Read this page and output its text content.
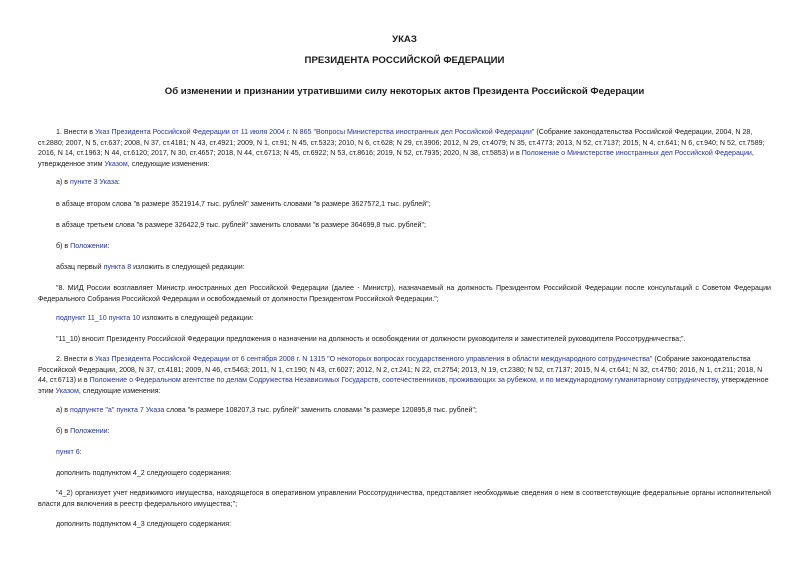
УКАЗ

ПРЕЗИДЕНТА РОССИЙСКОЙ ФЕДЕРАЦИИ

Об изменении и признании утратившими силу некоторых актов Президента Российской Федерации

1. Внести в Указ Президента Российской Федерации от 11 июля 2004 г. N 865 "Вопросы Министерства иностранных дел Российской Федерации" (Собрание законодательства Российской Федерации, 2004, N 28, ст.2880; 2007, N 5, ст.637; 2008, N 37, ст.4181; N 43, ст.4921; 2009, N 1, ст.91; N 45, ст.5323; 2010, N 6, ст.628; N 29, ст.3906; 2012, N 29, ст.4079; N 35, ст.4773; 2013, N 52, ст.7137; 2015, N 4, ст.641; N 6, ст.940; N 52, ст.7589; 2016, N 14, ст.1963; N 44, ст.6120; 2017, N 30, ст.4657; 2018, N 44, ст.6713; N 45, ст.6922; N 53, ст.8616; 2019, N 52, ст.7935; 2020, N 38, ст.5853) и в Положение о Министерстве иностранных дел Российской Федерации, утвержденное этим Указом, следующие изменения:

а) в пункте 3 Указа:

в абзаце втором слова "в размере 3521914,7 тыс. рублей" заменить словами "в размере 3627572,1 тыс. рублей";

в абзаце третьем слова "в размере 326422,9 тыс. рублей" заменить словами "в размере 364699,8 тыс. рублей";

б) в Положении:

абзац первый пункта 8 изложить в следующей редакции:

"8. МИД России возглавляет Министр иностранных дел Российской Федерации (далее - Министр), назначаемый на должность Президентом Российской Федерации после консультаций с Советом Федерации Федерального Собрания Российской Федерации и освобождаемый от должности Президентом Российской Федерации.";

подпункт 11_10 пункта 10 изложить в следующей редакции:

"11_10) вносит Президенту Российской Федерации предложения о назначении на должность и освобождении от должности руководителя и заместителей руководителя Россотрудничества;".

2. Внести в Указ Президента Российской Федерации от 6 сентября 2008 г. N 1315 "О некоторых вопросах государственного управления в области международного сотрудничества" (Собрание законодательства Российской Федерации, 2008, N 37, ст.4181; 2009, N 46, ст.5463; 2011, N 1, ст.190; N 43, ст.6027; 2012, N 2, ст.241; N 22, ст.2754; 2013, N 19, ст.2380; N 52, ст.7137; 2015, N 4, ст.641; N 32, ст.4750; 2016, N 1, ст.211; 2018, N 44, ст.6713) и в Положение о Федеральном агентстве по делам Содружества Независимых Государств, соотечественников, проживающих за рубежом, и по международному гуманитарному сотрудничеству, утвержденное этим Указом, следующие изменения:

а) в подпункте "а" пункта 7 Указа слова "в размере 108207,3 тыс. рублей" заменить словами "в размере 120895,8 тыс. рублей";

б) в Положении:

пункт 6:

дополнить подпунктом 4_2 следующего содержания:

"4_2) организует учет недвижимого имущества, находящегося в оперативном управлении Россотрудничества, представляет необходимые сведения о нем в соответствующие федеральные органы исполнительной власти для включения в реестр федерального имущества;";

дополнить подпунктом 4_3 следующего содержания:
